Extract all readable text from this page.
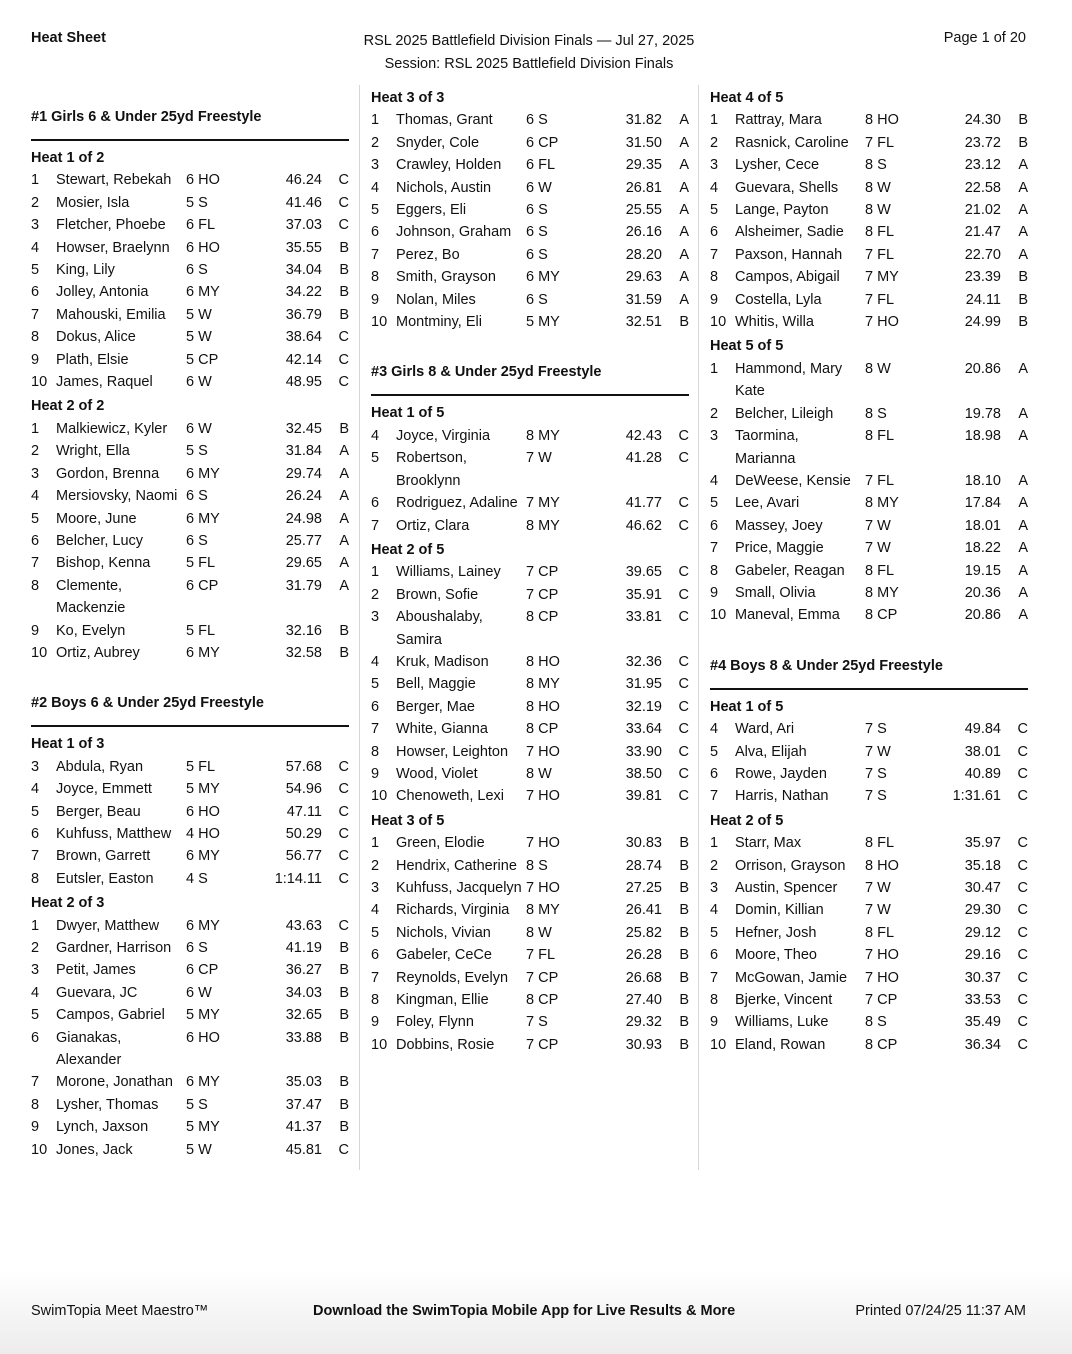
Heat Sheet	RSL 2025 Battlefield Division Finals — Jul 27, 2025
Session: RSL 2025 Battlefield Division Finals
Page 1 of 20
#1 Girls 6 & Under 25yd Freestyle
Heat 1 of 2
1	Stewart, Rebekah	6 HO	46.24	C
2	Mosier, Isla	5 S	41.46	C
3	Fletcher, Phoebe	6 FL	37.03	C
4	Howser, Braelynn	6 HO	35.55	B
5	King, Lily	6 S	34.04	B
6	Jolley, Antonia	6 MY	34.22	B
7	Mahouski, Emilia	5 W	36.79	B
8	Dokus, Alice	5 W	38.64	C
9	Plath, Elsie	5 CP	42.14	C
10 James, Raquel	6 W	48.95	C
Heat 2 of 2
1	Malkiewicz, Kyler	6 W	32.45	B
2	Wright, Ella	5 S	31.84	A
3	Gordon, Brenna	6 MY	29.74	A
4	Mersiovsky, Naomi 6 S	26.24	A
5	Moore, June	6 MY	24.98	A
6	Belcher, Lucy	6 S	25.77	A
7	Bishop, Kenna	5 FL	29.65	A
8	Clemente, Mackenzie
6 CP	31.79	A
9	Ko, Evelyn	5 FL	32.16	B
10 Ortiz, Aubrey	6 MY	32.58	B
#2 Boys 6 & Under 25yd Freestyle
Heat 1 of 3
3	Abdula, Ryan	5 FL	57.68	C
4	Joyce, Emmett	5 MY	54.96	C
5	Berger, Beau	6 HO	47.11	C
6	Kuhfuss, Matthew	4 HO	50.29	C
7	Brown, Garrett	6 MY	56.77	C
8	Eutsler, Easton	4 S	1:14.11	C
Heat 2 of 3
1	Dwyer, Matthew	6 MY	43.63	C
2	Gardner, Harrison	6 S	41.19	B
3	Petit, James	6 CP	36.27	B
4	Guevara, JC	6 W	34.03	B
5	Campos, Gabriel	5 MY	32.65	B
6	Gianakas, Alexander
6 HO	33.88	B
7	Morone, Jonathan 6 MY	35.03	B
8	Lysher, Thomas	5 S	37.47	B
9	Lynch, Jaxson	5 MY	41.37	B
10 Jones, Jack	5 W	45.81	C
Heat 3 of 3
1	Thomas, Grant	6 S	31.82	A
2	Snyder, Cole	6 CP	31.50	A
3	Crawley, Holden	6 FL	29.35	A
4	Nichols, Austin	6 W	26.81	A
5	Eggers, Eli	6 S	25.55	A
6	Johnson, Graham	6 S	26.16	A
7	Perez, Bo	6 S	28.20	A
8	Smith, Grayson	6 MY	29.63	A
9	Nolan, Miles	6 S	31.59	A
10 Montminy, Eli	5 MY	32.51	B
#3 Girls 8 & Under 25yd Freestyle
Heat 1 of 5
4	Joyce, Virginia	8 MY	42.43	C
5	Robertson, Brooklynn
7 W	41.28	C
6	Rodriguez, Adaline 7 MY	41.77	C
7	Ortiz, Clara	8 MY	46.62	C
Heat 2 of 5
1	Williams, Lainey	7 CP	39.65	C
2	Brown, Sofie	7 CP	35.91	C
3	Aboushalaby, Samira
8 CP	33.81	C
4	Kruk, Madison	8 HO	32.36	C
5	Bell, Maggie	8 MY	31.95	C
6	Berger, Mae	8 HO	32.19	C
7	White, Gianna	8 CP	33.64	C
8	Howser, Leighton	7 HO	33.90	C
9	Wood, Violet	8 W	38.50	C
10 Chenoweth, Lexi	7 HO	39.81	C
Heat 3 of 5
1	Green, Elodie	7 HO	30.83	B
2	Hendrix, Catherine 8 S	28.74	B
3	Kuhfuss, Jacquelyn 7 HO	27.25	B
4	Richards, Virginia	8 MY	26.41	B
5	Nichols, Vivian	8 W	25.82	B
6	Gabeler, CeCe	7 FL	26.28	B
7	Reynolds, Evelyn	7 CP	26.68	B
8	Kingman, Ellie	8 CP	27.40	B
9	Foley, Flynn	7 S	29.32	B
10 Dobbins, Rosie	7 CP	30.93	B
Heat 4 of 5
1	Rattray, Mara	8 HO	24.30	B
2	Rasnick, Caroline	7 FL	23.72	B
3	Lysher, Cece	8 S	23.12	A
4	Guevara, Shells	8 W	22.58	A
5	Lange, Payton	8 W	21.02	A
6	Alsheimer, Sadie	8 FL	21.47	A
7	Paxson, Hannah	7 FL	22.70	A
8	Campos, Abigail	7 MY	23.39	B
9	Costella, Lyla	7 FL	24.11	B
10 Whitis, Willa	7 HO	24.99	B
Heat 5 of 5
1	Hammond, Mary Kate
8 W	20.86	A
2	Belcher, Lileigh	8 S	19.78	A
3	Taormina, Marianna
8 FL	18.98	A
4	DeWeese, Kensie 7 FL	18.10	A
5	Lee, Avari	8 MY	17.84	A
6	Massey, Joey	7 W	18.01	A
7	Price, Maggie	7 W	18.22	A
8	Gabeler, Reagan	8 FL	19.15	A
9	Small, Olivia	8 MY	20.36	A
10 Maneval, Emma	8 CP	20.86	A
#4 Boys 8 & Under 25yd Freestyle
Heat 1 of 5
4	Ward, Ari	7 S	49.84	C
5	Alva, Elijah	7 W	38.01	C
6	Rowe, Jayden	7 S	40.89	C
7	Harris, Nathan	7 S	1:31.61	C
Heat 2 of 5
1	Starr, Max	8 FL	35.97	C
2	Orrison, Grayson	8 HO	35.18	C
3	Austin, Spencer	7 W	30.47	C
4	Domin, Killian	7 W	29.30	C
5	Hefner, Josh	8 FL	29.12	C
6	Moore, Theo	7 HO	29.16	C
7	McGowan, Jamie	7 HO	30.37	C
8	Bjerke, Vincent	7 CP	33.53	C
9	Williams, Luke	8 S	35.49	C
10 Eland, Rowan	8 CP	36.34	C
SwimTopia Meet Maestro™	Download the SwimTopia Mobile App for Live Results & More	Printed 07/24/25 11:37 AM
